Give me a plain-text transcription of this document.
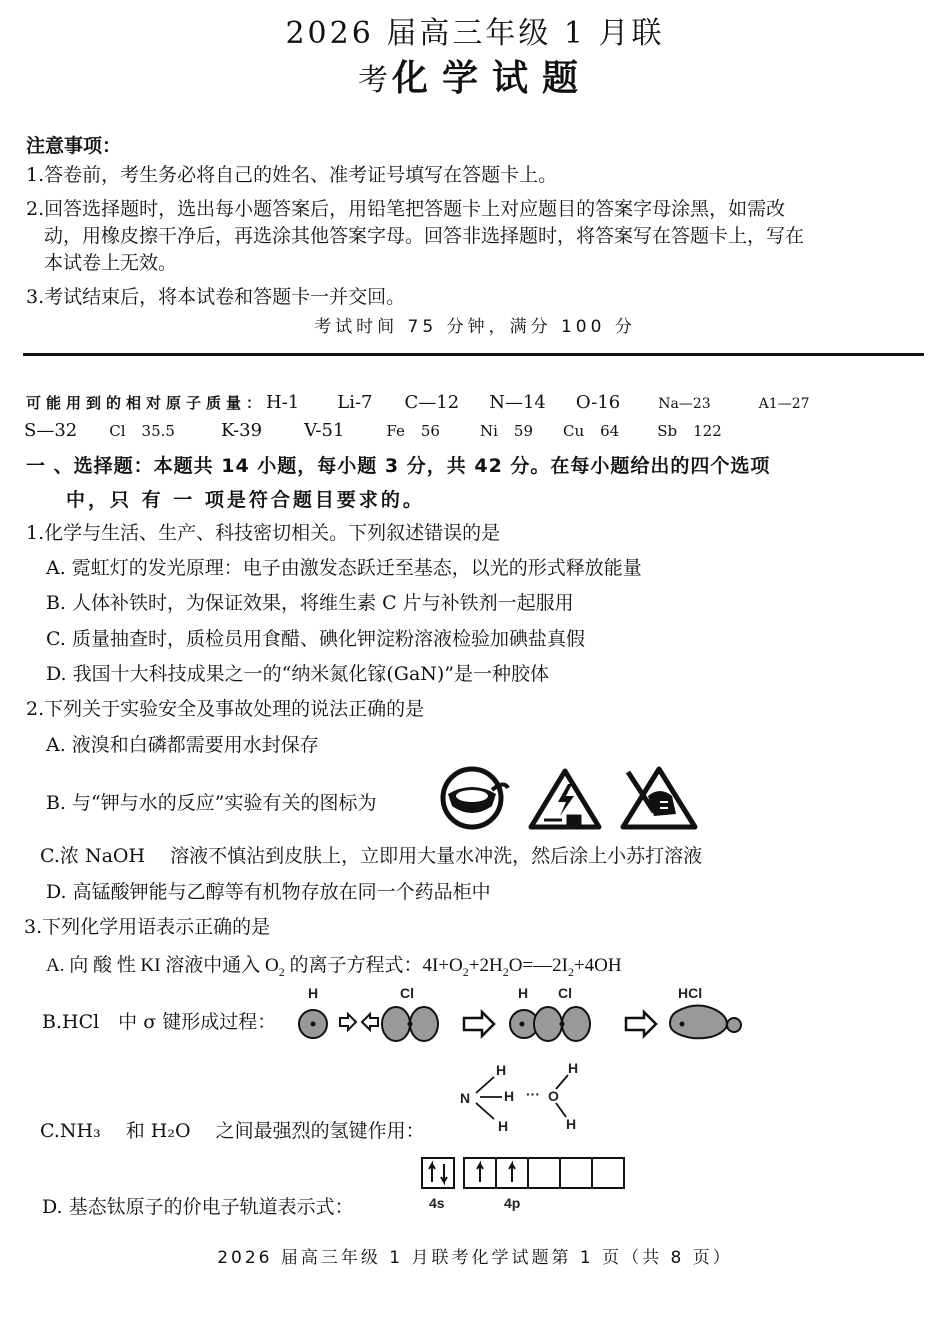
2026 届高三年级 1 月联
考化学试题
注意事项：
1.答卷前，考生务必将自己的姓名、准考证号填写在答题卡上。
2.回答选择题时，选出每小题答案后，用铅笔把答题卡上对应题目的答案字母涂黑，如需改
动，用橡皮擦干净后，再选涂其他答案字母。回答非选择题时，将答案写在答题卡上，写在
本试卷上无效。
3.考试结束后，将本试卷和答题卡一并交回。
考试时间 75 分钟，满分 100 分
可能用到的相对原子质量：H-1 Li-7 C—12 N—14 O-16	Na—23	A1—27
S—32 Cl 35.5	K-39 V-51	Fe 56	Ni 59 Cu 64	Sb 122
一 、选择题：本题共 14 小题，每小题 3 分，共 42 分。在每小题给出的四个选项
中，只 有 一 项是符合题目要求的。
1.化学与生活、生产、科技密切相关。下列叙述错误的是
A. 霓虹灯的发光原理：电子由激发态跃迁至基态，以光的形式释放能量
B. 人体补铁时，为保证效果，将维生素 C 片与补铁剂一起服用
C. 质量抽查时，质检员用食醋、碘化钾淀粉溶液检验加碘盐真假
D. 我国十大科技成果之一的“纳米氮化镓(GaN)”是一种胶体
2.下列关于实验安全及事故处理的说法正确的是
A. 液溴和白磷都需要用水封保存
B. 与“钾与水的反应”实验有关的图标为
C.浓 NaOH　 溶液不慎沾到皮肤上，立即用大量水冲洗，然后涂上小苏打溶液
D. 高锰酸钾能与乙醇等有机物存放在同一个药品柜中
3.下列化学用语表示正确的是
A. 向 酸 性 KI 溶液中通入 $O_2$ 的离子方程式：$4I+O_2+2H_2O=—2I_2+4OH$
B.HCl　中 σ 键形成过程：
H	Cl	H Cl	HCl
C.NH₃　 和 H₂O　 之间最强烈的氢键作用：
H
N H
H
O
H
H
···
D. 基态钛原子的价电子轨道表示式：	4s	4p
2026 届高三年级 1 月联考化学试题第 1 页（共 8 页）
